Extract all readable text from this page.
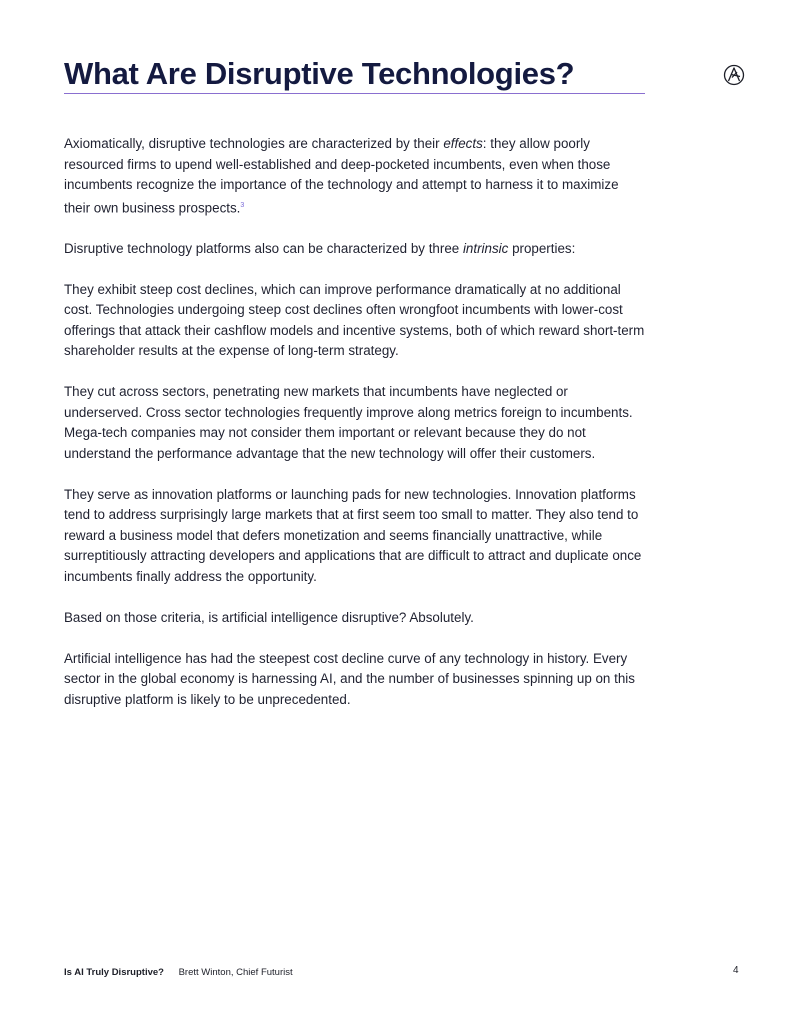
What Are Disruptive Technologies?

Axiomatically, disruptive technologies are characterized by their effects: they allow poorly resourced firms to upend well-established and deep-pocketed incumbents, even when those incumbents recognize the importance of the technology and attempt to harness it to maximize their own business prospects.$^3$

Disruptive technology platforms also can be characterized by three intrinsic properties:

They exhibit steep cost declines, which can improve performance dramatically at no additional cost. Technologies undergoing steep cost declines often wrongfoot incumbents with lower-cost offerings that attack their cashflow models and incentive systems, both of which reward short-term shareholder results at the expense of long-term strategy.

They cut across sectors, penetrating new markets that incumbents have neglected or underserved. Cross sector technologies frequently improve along metrics foreign to incumbents. Mega-tech companies may not consider them important or relevant because they do not understand the performance advantage that the new technology will offer their customers.

They serve as innovation platforms or launching pads for new technologies. Innovation platforms tend to address surprisingly large markets that at first seem too small to matter. They also tend to reward a business model that defers monetization and seems financially unattractive, while surreptitiously attracting developers and applications that are difficult to attract and duplicate once incumbents finally address the opportunity.

Based on those criteria, is artificial intelligence disruptive? Absolutely.

Artificial intelligence has had the steepest cost decline curve of any technology in history. Every sector in the global economy is harnessing AI, and the number of businesses spinning up on this disruptive platform is likely to be unprecedented.

Is AI Truly Disruptive? Brett Winton, Chief Futurist	4
